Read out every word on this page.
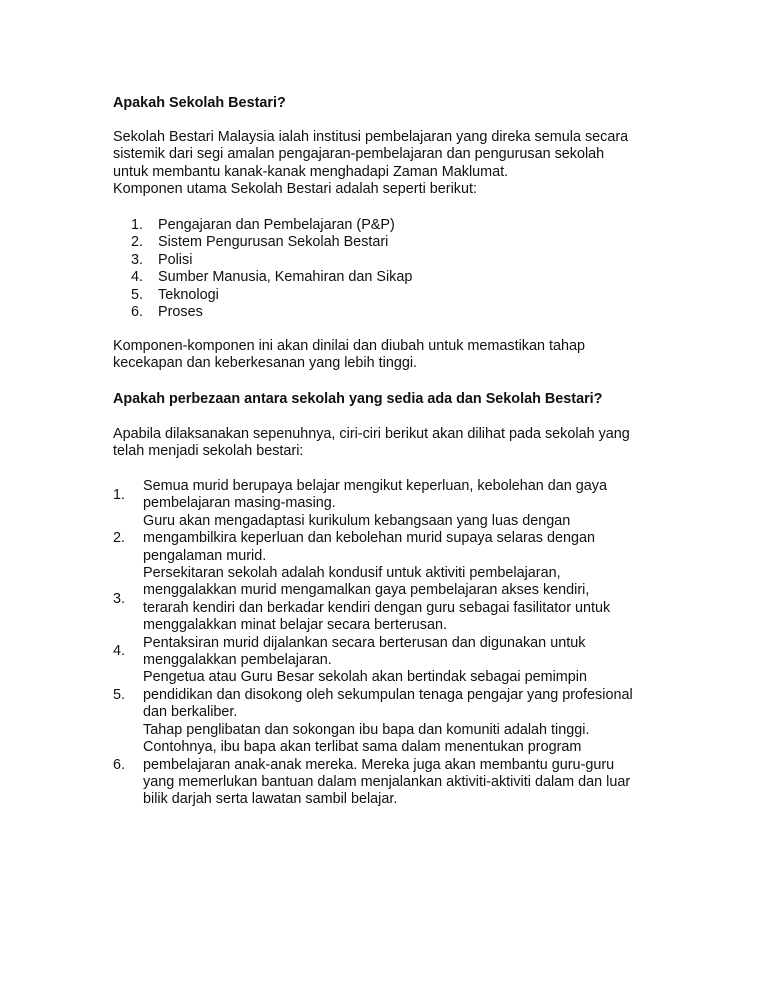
Apakah Sekolah Bestari?

Sekolah Bestari Malaysia ialah institusi pembelajaran yang direka semula secara

sistemik dari segi amalan pengajaran-pembelajaran dan pengurusan sekolah

untuk membantu kanak-kanak menghadapi Zaman Maklumat.

Komponen utama Sekolah Bestari adalah seperti berikut:

1. Pengajaran dan Pembelajaran (P&P)
2. Sistem Pengurusan Sekolah Bestari
3. Polisi
4. Sumber Manusia, Kemahiran dan Sikap
5. Teknologi
6. Proses

Komponen-komponen ini akan dinilai dan diubah untuk memastikan tahap

kecekapan dan keberkesanan yang lebih tinggi.

Apakah perbezaan antara sekolah yang sedia ada dan Sekolah Bestari?

Apabila dilaksanakan sepenuhnya, ciri-ciri berikut akan dilihat pada sekolah yang

telah menjadi sekolah bestari:

1.

Semua murid berupaya belajar mengikut keperluan, kebolehan dan gaya

pembelajaran masing-masing.

2.

Guru akan mengadaptasi kurikulum kebangsaan yang luas dengan

mengambilkira keperluan dan kebolehan murid supaya selaras dengan

pengalaman murid.

3.

Persekitaran sekolah adalah kondusif untuk aktiviti pembelajaran,

menggalakkan murid mengamalkan gaya pembelajaran akses kendiri,

terarah kendiri dan berkadar kendiri dengan guru sebagai fasilitator untuk

menggalakkan minat belajar secara berterusan.

4.

Pentaksiran murid dijalankan secara berterusan dan digunakan untuk

menggalakkan pembelajaran.

5.

Pengetua atau Guru Besar sekolah akan bertindak sebagai pemimpin

pendidikan dan disokong oleh sekumpulan tenaga pengajar yang profesional

dan berkaliber.

6.

Tahap penglibatan dan sokongan ibu bapa dan komuniti adalah tinggi.

Contohnya, ibu bapa akan terlibat sama dalam menentukan program

pembelajaran anak-anak mereka. Mereka juga akan membantu guru-guru

yang memerlukan bantuan dalam menjalankan aktiviti-aktiviti dalam dan luar

bilik darjah serta lawatan sambil belajar.
